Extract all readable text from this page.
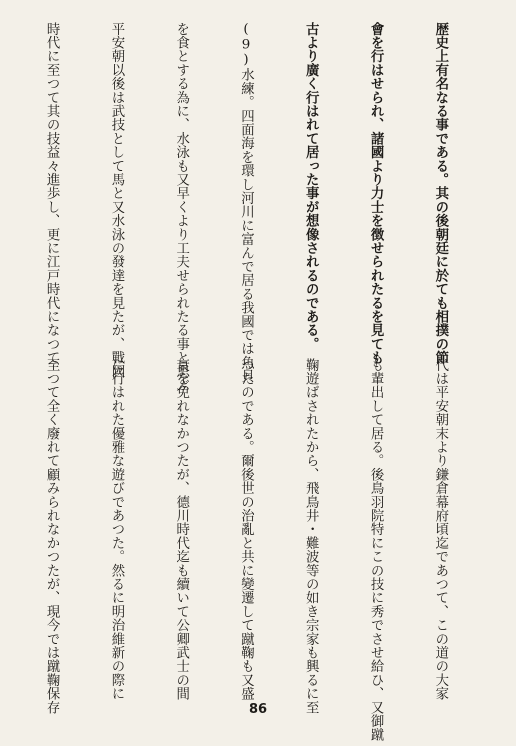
歴史上有名なる事である。其の後朝廷に於ても相撲の節

會を行はせられ、諸國より力士を徴せられたるを見ても

古より廣く行はれて居った事が想像されるのである。

(9)水練。四面海を環し河川に富んで居る我國では魚貝

を食とする為に、水泳も又早くより工夫せられたる事と思ぶ

平安朝以後は武技として馬と又水泳の發達を見たが、戰國

時代に至つて其の技益々進歩し、更に江戸時代になつて

代は平安朝末より鎌倉幕府頃迄であつて、この道の大家

も輩出して居る。後鳥羽院特にこの技に秀でさせ給ひ、又御蹴

鞠遊ばされたから、飛鳥井・難波等の如き宗家も興るに至

つたのである。爾後世の治亂と共に變遷して蹴鞠も又盛

衰を免れなかつたが、德川時代迄も續いて公卿武士の間

に行はれた優雅な遊びであつた。然るに明治維新の際に

至つて全く廢れて顧みられなかつたが、現今では蹴鞠保存

	86
